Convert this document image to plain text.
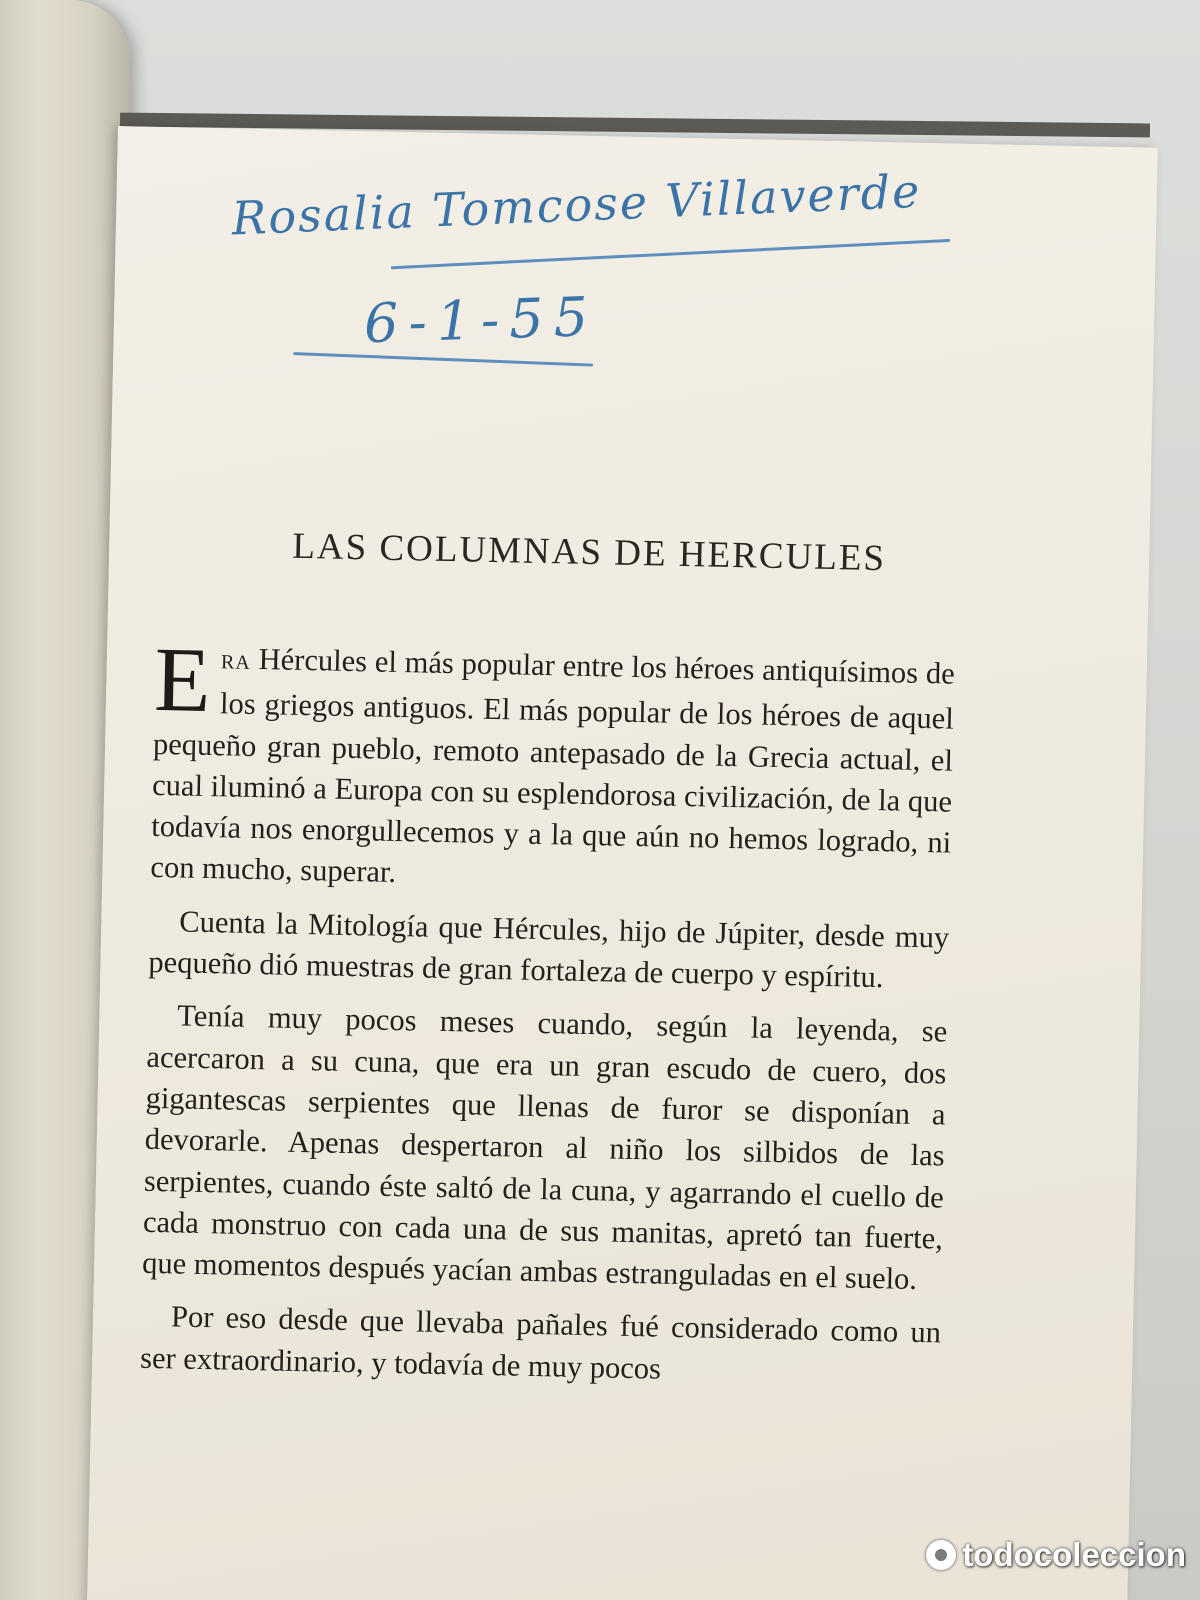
Rosalia Tomcose Villaverde
6-1-55
LAS COLUMNAS DE HERCULES

ERA Hércules el más popular entre los héroes antiquísimos de los griegos antiguos. El más popular de los héroes de aquel pequeño gran pueblo, remoto antepasado de la Grecia actual, el cual iluminó a Europa con su esplendorosa civilización, de la que todavía nos enorgullecemos y a la que aún no hemos logrado, ni con mucho, superar.

Cuenta la Mitología que Hércules, hijo de Júpiter, desde muy pequeño dió muestras de gran fortaleza de cuerpo y espíritu.

Tenía muy pocos meses cuando, según la leyenda, se acercaron a su cuna, que era un gran escudo de cuero, dos gigantescas serpientes que llenas de furor se disponían a devorarle. Apenas despertaron al niño los silbidos de las serpientes, cuando éste saltó de la cuna, y agarrando el cuello de cada monstruo con cada una de sus manitas, apretó tan fuerte, que momentos después yacían ambas estranguladas en el suelo.

Por eso desde que llevaba pañales fué considerado como un ser extraordinario, y todavía de muy pocos

todocoleccion
